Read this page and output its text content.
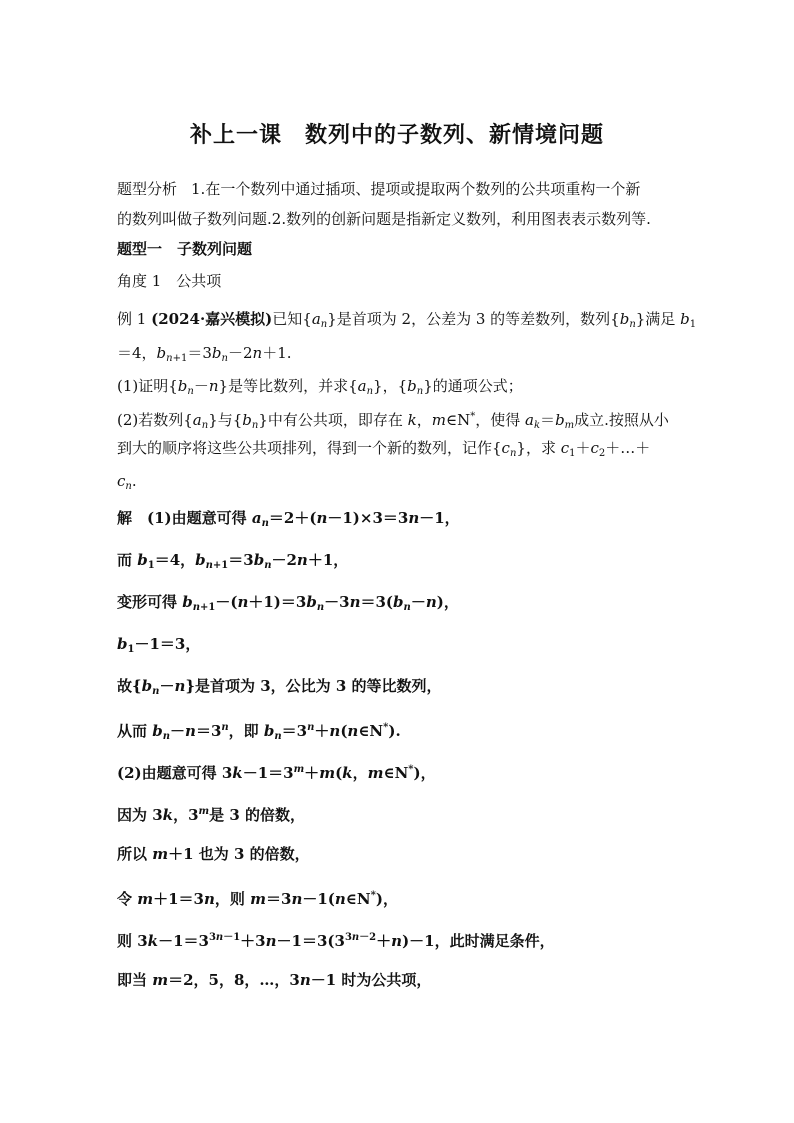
补上一课　数列中的子数列、新情境问题
题型分析 1.在一个数列中通过插项、提项或提取两个数列的公共项重构一个新
的数列叫做子数列问题.2.数列的创新问题是指新定义数列，利用图表表示数列等.
题型一　子数列问题
角度 1　公共项
例 1 (2024·嘉兴模拟)已知$\{a_n\}$是首项为 2，公差为 3 的等差数列，数列$\{b_n\}$满足 $b_1$
＝4，$b_{n+1}=3b_n-2n+1$.
(1)证明$\{b_n-n\}$是等比数列，并求$\{a_n\}$，$\{b_n\}$的通项公式；
(2)若数列$\{a_n\}$与$\{b_n\}$中有公共项，即存在 k，m∈N*，使得 $a_k=b_m$成立.按照从小
到大的顺序将这些公共项排列，得到一个新的数列，记作$\{c_n\}$，求 $c_1+c_2+\dots+$
$c_n$.
解　(1)由题意可得 $a_n=2+(n-1)\times 3=3n-1$，
而 $b_1=4$，$b_{n+1}=3b_n-2n+1$，
变形可得 $b_{n+1}-(n+1)=3b_n-3n=3(b_n-n)$，
$b_1-1=3$，
故$\{b_n-n\}$是首项为 3，公比为 3 的等比数列，
从而 $b_n-n=3^n$，即 $b_n=3^n+n(n\in N^*)$.
(2)由题意可得 $3k-1=3^m+m(k$，m∈N*)，
因为 3k，3$^m$是 3 的倍数，
所以 m＋1 也为 3 的倍数，
令 m＋1＝3n，则 m＝3n－1(n∈N*)，
则 $3k-1=3^{3n-1}+3n-1=3(3^{3n-2}+n)-1$，此时满足条件，
即当 m＝2，5，8，…，3n－1 时为公共项，
